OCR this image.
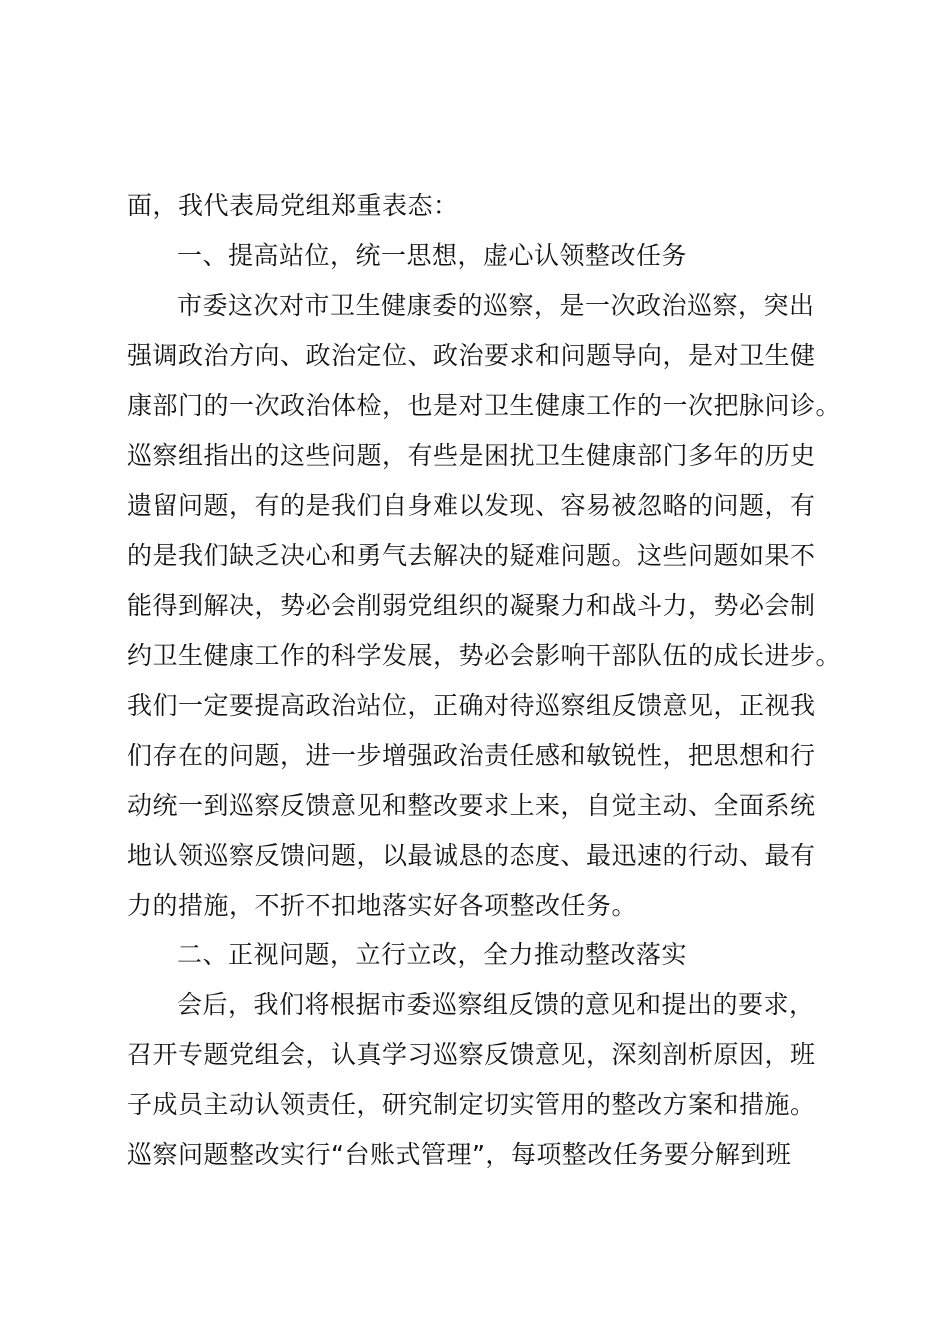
面，我代表局党组郑重表态：
一、提高站位，统一思想，虚心认领整改任务
市委这次对市卫生健康委的巡察，是一次政治巡察，突出
强调政治方向、政治定位、政治要求和问题导向，是对卫生健
康部门的一次政治体检，也是对卫生健康工作的一次把脉问诊。
巡察组指出的这些问题，有些是困扰卫生健康部门多年的历史
遗留问题，有的是我们自身难以发现、容易被忽略的问题，有
的是我们缺乏决心和勇气去解决的疑难问题。这些问题如果不
能得到解决，势必会削弱党组织的凝聚力和战斗力，势必会制
约卫生健康工作的科学发展，势必会影响干部队伍的成长进步。
我们一定要提高政治站位，正确对待巡察组反馈意见，正视我
们存在的问题，进一步增强政治责任感和敏锐性，把思想和行
动统一到巡察反馈意见和整改要求上来，自觉主动、全面系统
地认领巡察反馈问题，以最诚恳的态度、最迅速的行动、最有
力的措施，不折不扣地落实好各项整改任务。
二、正视问题，立行立改，全力推动整改落实
会后，我们将根据市委巡察组反馈的意见和提出的要求，
召开专题党组会，认真学习巡察反馈意见，深刻剖析原因，班
子成员主动认领责任，研究制定切实管用的整改方案和措施。
巡察问题整改实行“台账式管理”，每项整改任务要分解到班
